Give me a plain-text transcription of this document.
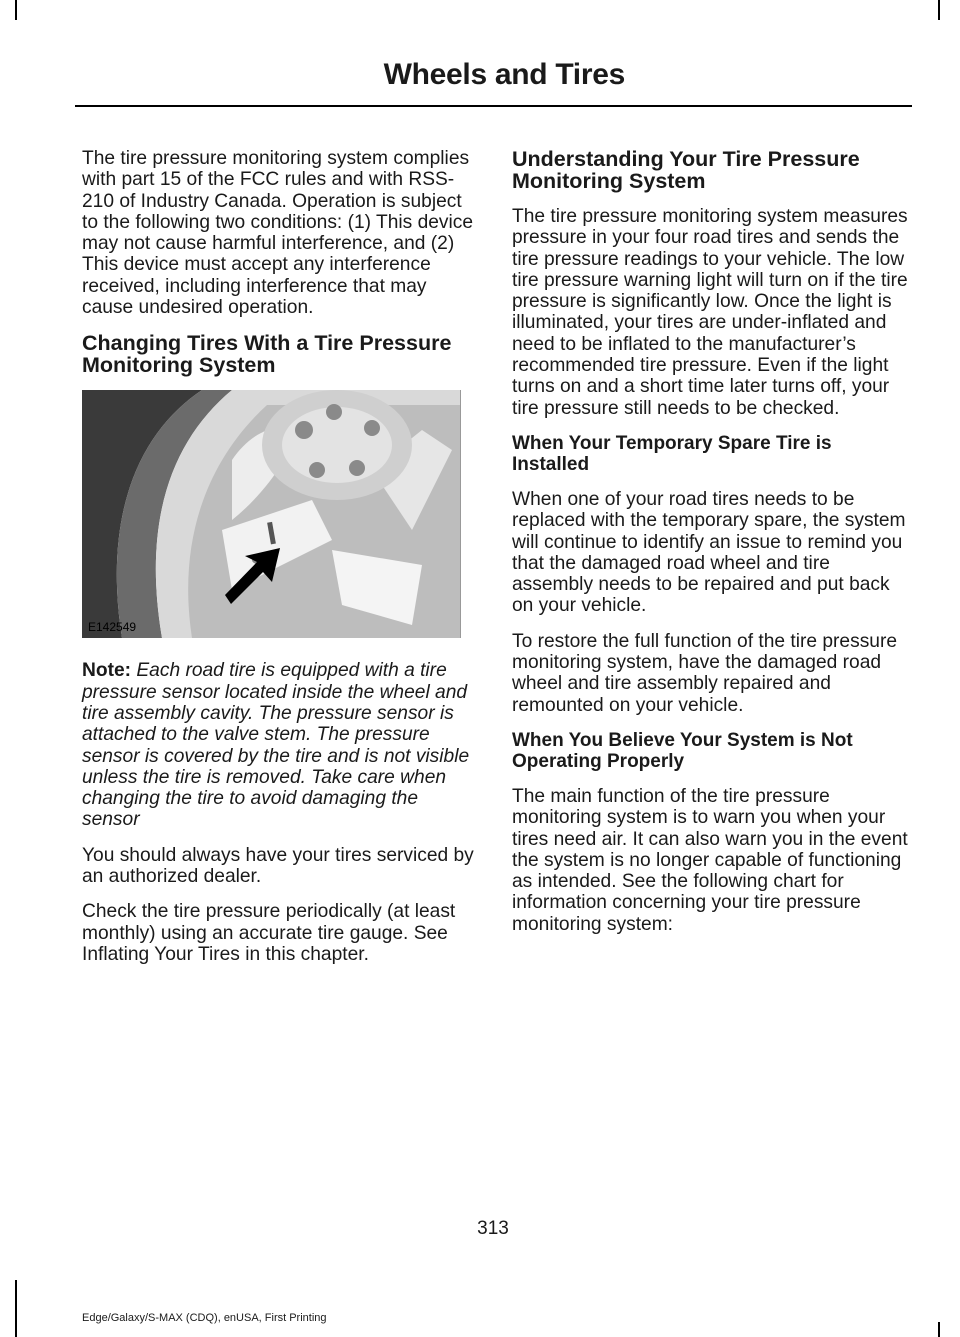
Wheels and Tires

The tire pressure monitoring system complies with part 15 of the FCC rules and with RSS-210 of Industry Canada. Operation is subject to the following two conditions: (1) This device may not cause harmful interference, and (2) This device must accept any interference received, including interference that may cause undesired operation.

Changing Tires With a Tire Pressure Monitoring System
E142549

Note: Each road tire is equipped with a tire pressure sensor located inside the wheel and tire assembly cavity. The pressure sensor is attached to the valve stem. The pressure sensor is covered by the tire and is not visible unless the tire is removed. Take care when changing the tire to avoid damaging the sensor

You should always have your tires serviced by an authorized dealer.

Check the tire pressure periodically (at least monthly) using an accurate tire gauge. See Inflating Your Tires in this chapter.

Understanding Your Tire Pressure Monitoring System

The tire pressure monitoring system measures pressure in your four road tires and sends the tire pressure readings to your vehicle. The low tire pressure warning light will turn on if the tire pressure is significantly low. Once the light is illuminated, your tires are under-inflated and need to be inflated to the manufacturer’s recommended tire pressure. Even if the light turns on and a short time later turns off, your tire pressure still needs to be checked.

When Your Temporary Spare Tire is Installed

When one of your road tires needs to be replaced with the temporary spare, the system will continue to identify an issue to remind you that the damaged road wheel and tire assembly needs to be repaired and put back on your vehicle.

To restore the full function of the tire pressure monitoring system, have the damaged road wheel and tire assembly repaired and remounted on your vehicle.

When You Believe Your System is Not Operating Properly

The main function of the tire pressure monitoring system is to warn you when your tires need air. It can also warn you in the event the system is no longer capable of functioning as intended. See the following chart for information concerning your tire pressure monitoring system:

313
Edge/Galaxy/S-MAX (CDQ), enUSA, First Printing
